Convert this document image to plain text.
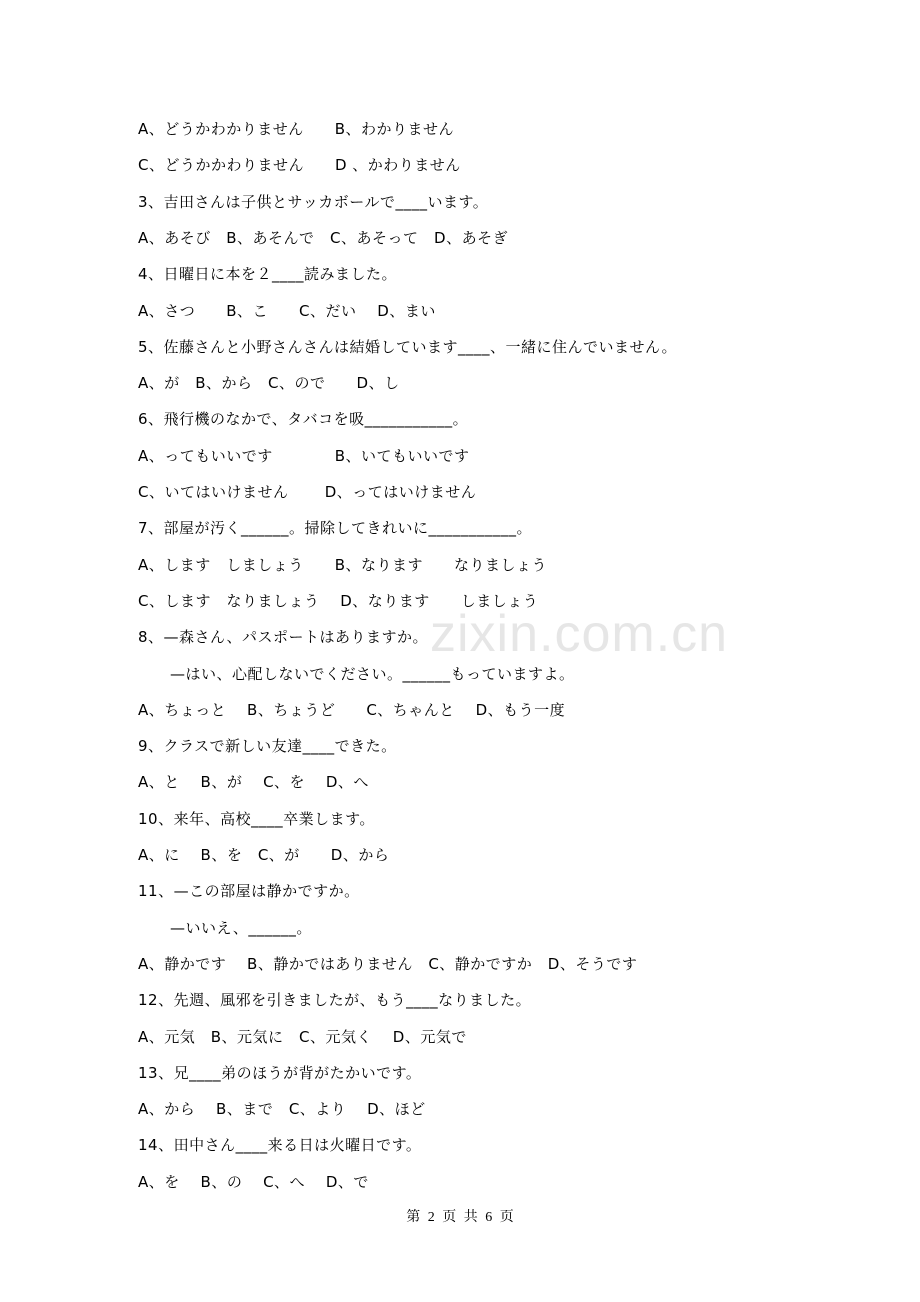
zixin.com.cn
A、どうかわかりません　　B、わかりません
C、どうかかわりません　　D 、かわりません
3、吉田さんは子供とサッカボールで____います。
A、あそび　B、あそんで　C、あそって　D、あそぎ
4、日曜日に本を２____読みました。
A、さつ　　B、こ　　C、だい　 D、まい
5、佐藤さんと小野さんさんは結婚しています____、一緒に住んでいません。
A、が　B、から　C、ので　　D、し
6、飛行機のなかで、タバコを吸___________。
A、ってもいいです　　　　B、いてもいいです
C、いてはいけません　　 D、ってはいけません
7、部屋が汚く______。掃除してきれいに___________。
A、します　しましょう　　B、なります　　なりましょう
C、します　なりましょう　 D、なります　　しましょう
8、—森さん、パスポートはありますか。
—はい、心配しないでください。______もっていますよ。
A、ちょっと　 B、ちょうど　　C、ちゃんと　 D、もう一度
9、クラスで新しい友達____できた。
A、と　 B、が　 C、を　 D、へ
10、来年、高校____卒業します。
A、に　 B、を　C、が　　D、から
11、—この部屋は静かですか。
—いいえ、______。
A、静かです　 B、静かではありません　C、静かですか　D、そうです
12、先週、風邪を引きましたが、もう____なりました。
A、元気　B、元気に　C、元気く　 D、元気で
13、兄____弟のほうが背がたかいです。
A、から　 B、まで　C、より　 D、ほど
14、田中さん____来る日は火曜日です。
A、を　 B、の　 C、へ　 D、で
第 2 页 共 6 页
